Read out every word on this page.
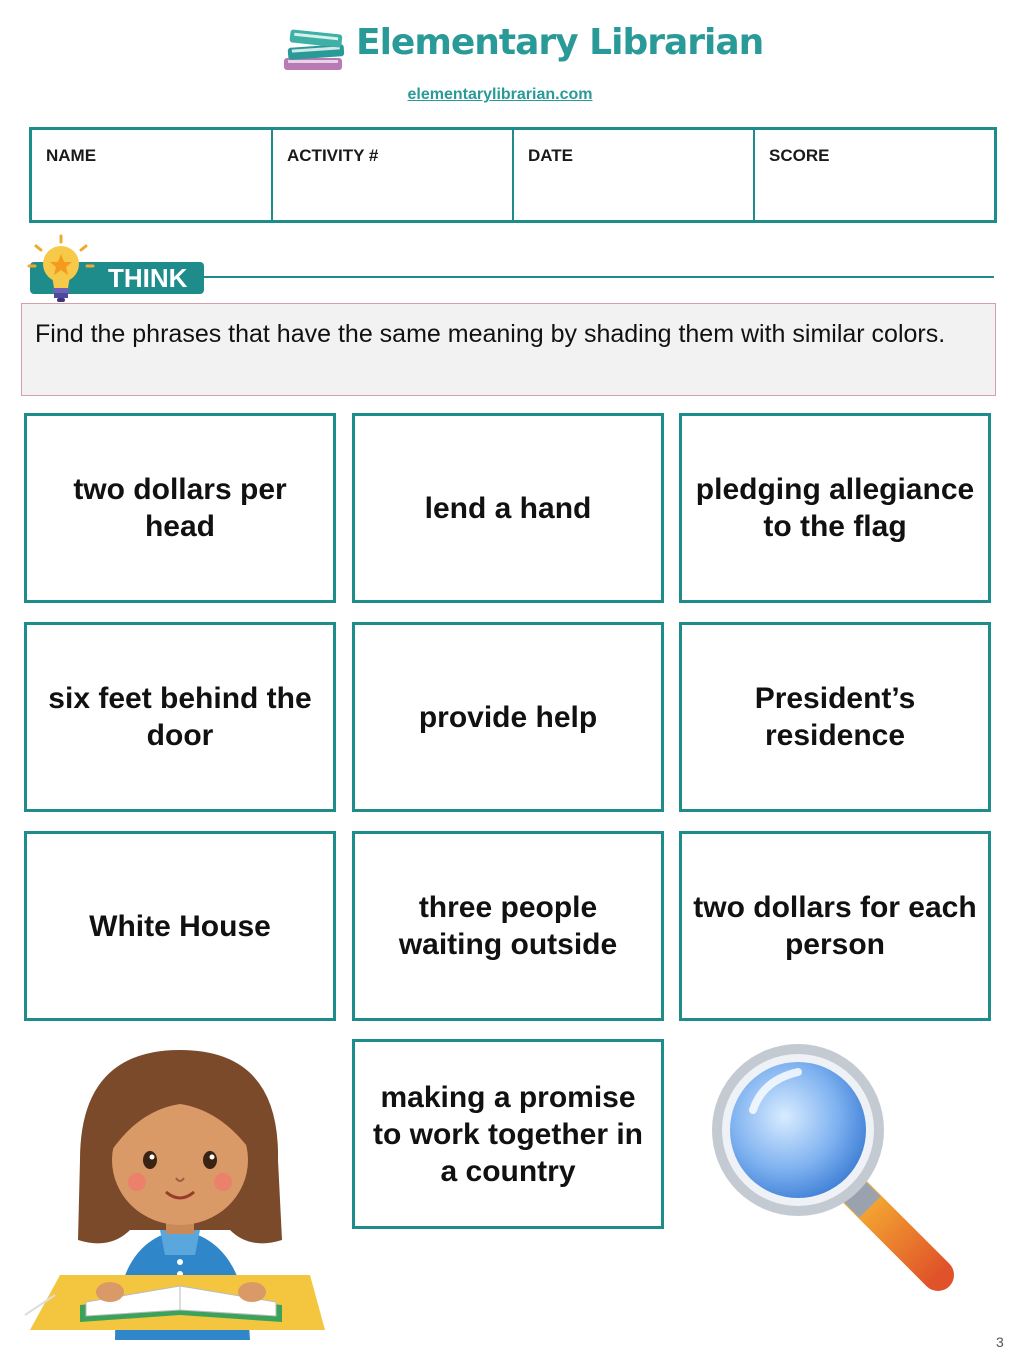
Elementary Librarian
elementarylibrarian.com
NAME	ACTIVITY #	DATE	SCORE
THINK
Find the phrases that have the same meaning by shading them with similar colors.
two dollars per head
lend a hand
pledging allegiance to the flag
six feet behind the door
provide help
President’s residence
White House
three people waiting outside
two dollars for each person
making a promise to work together in a country
3
